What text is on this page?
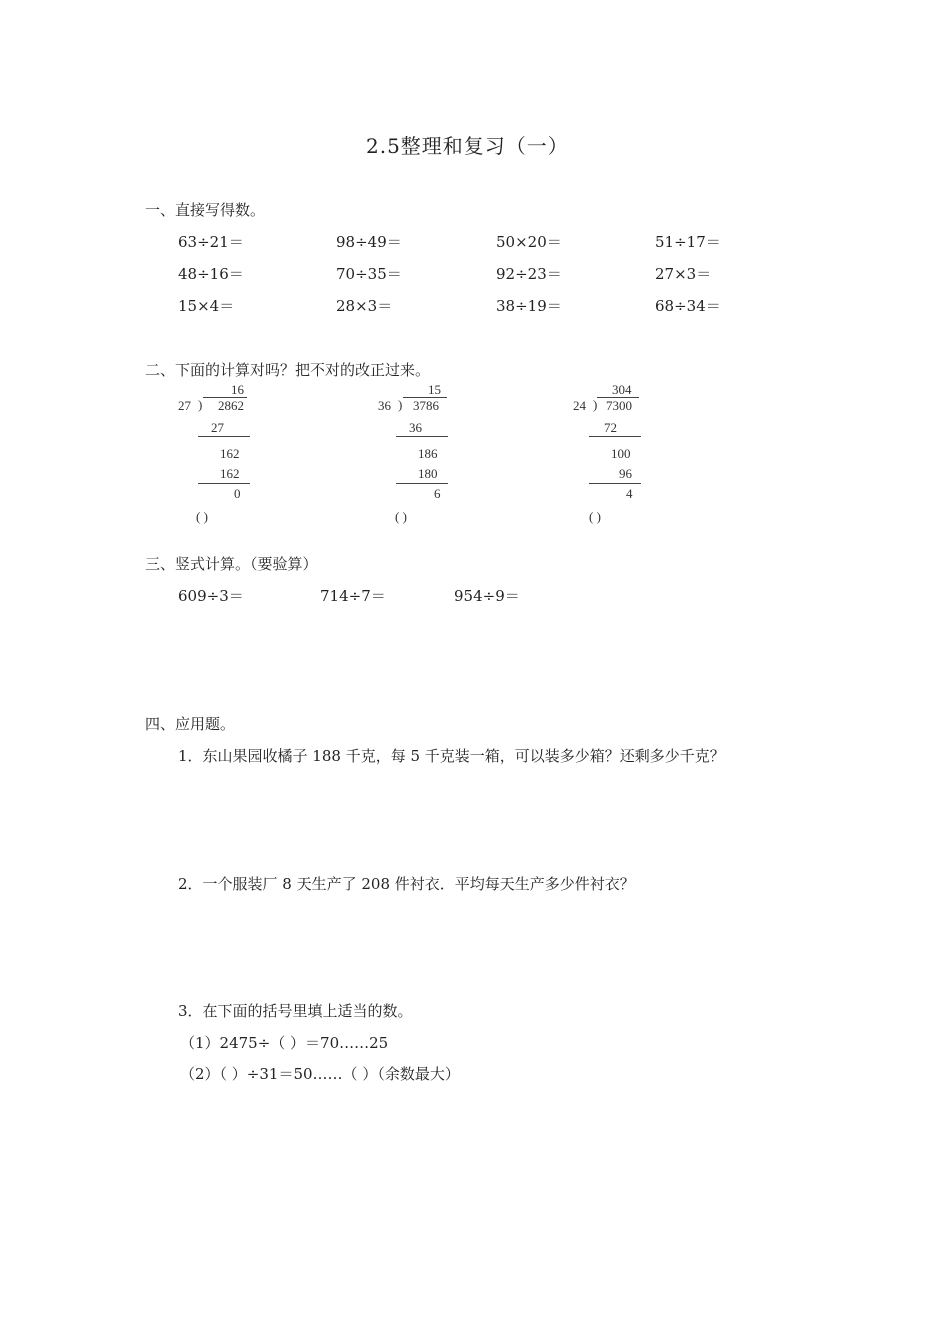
2.5整理和复习（一）
一、直接写得数。
63÷21＝	98÷49＝	50×20＝	51÷17＝
48÷16＝	70÷35＝	92÷23＝	27×3＝
15×4＝	28×3＝	38÷19＝	68÷34＝
二、下面的计算对吗？把不对的改正过来。
16
27 ) 2862
27
162
162
0
( )
15
36 ) 3786
36
186
180
6
( )
304
24 ) 7300
72
100
96
4
( )
三、竖式计算。（要验算）
609÷3＝	714÷7＝	954÷9＝
四、应用题。
1．东山果园收橘子 188 千克，每 5 千克装一箱，可以装多少箱？还剩多少千克？
2．一个服装厂 8 天生产了 208 件衬衣．平均每天生产多少件衬衣？
3．在下面的括号里填上适当的数。
（1）2475÷（ ）＝70……25
（2）（ ）÷31＝50……（ ）（余数最大）
